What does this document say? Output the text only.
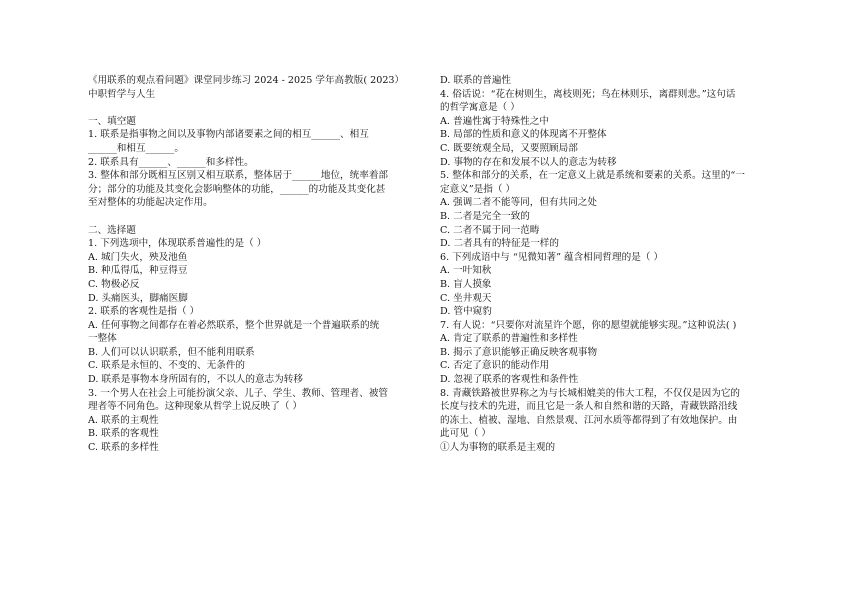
《用联系的观点看问题》课堂同步练习 2024 - 2025 学年高教版( 2023）
中职哲学与人生
一、填空题
1. 联系是指事物之间以及事物内部诸要素之间的相互______、相互
______和相互______。
2. 联系具有______、______和多样性。
3. 整体和部分既相互区别又相互联系，整体居于______地位，统率着部
分；部分的功能及其变化会影响整体的功能，______的功能及其变化甚
至对整体的功能起决定作用。
二、选择题
1. 下列选项中，体现联系普遍性的是（ ）
A. 城门失火，殃及池鱼
B. 种瓜得瓜，种豆得豆
C. 物极必反
D. 头痛医头，脚痛医脚
2. 联系的客观性是指（ ）
A. 任何事物之间都存在着必然联系，整个世界就是一个普遍联系的统
一整体
B. 人们可以认识联系，但不能利用联系
C. 联系是永恒的、不变的、无条件的
D. 联系是事物本身所固有的，不以人的意志为转移
3. 一个男人在社会上可能扮演父亲、儿子、学生、教师、管理者、被管
理者等不同角色。这种现象从哲学上说反映了（ ）
A. 联系的主观性
B. 联系的客观性
C. 联系的多样性
D. 联系的普遍性
4. 俗话说：“花在树则生，离枝则死；鸟在林则乐，离群则悲。”这句话
的哲学寓意是（ ）
A. 普遍性寓于特殊性之中
B. 局部的性质和意义的体现离不开整体
C. 既要统观全局，又要照顾局部
D. 事物的存在和发展不以人的意志为转移
5. 整体和部分的关系，在一定意义上就是系统和要素的关系。这里的“一
定意义”是指（ ）
A. 强调二者不能等同，但有共同之处
B. 二者是完全一致的
C. 二者不属于同一范畴
D. 二者具有的特征是一样的
6. 下列成语中与 “见微知著” 蕴含相同哲理的是（ ）
A. 一叶知秋
B. 盲人摸象
C. 坐井观天
D. 管中窥豹
7. 有人说：“只要你对流星许个愿，你的愿望就能够实现。”这种说法( )
A. 肯定了联系的普遍性和多样性
B. 揭示了意识能够正确反映客观事物
C. 否定了意识的能动作用
D. 忽视了联系的客观性和条件性
8. 青藏铁路被世界称之为与长城相媲美的伟大工程，不仅仅是因为它的
长度与技术的先进，而且它是一条人和自然和谐的天路，青藏铁路沿线
的冻土、植被、湿地、自然景观、江河水质等都得到了有效地保护。由
此可见（ ）
①人为事物的联系是主观的
